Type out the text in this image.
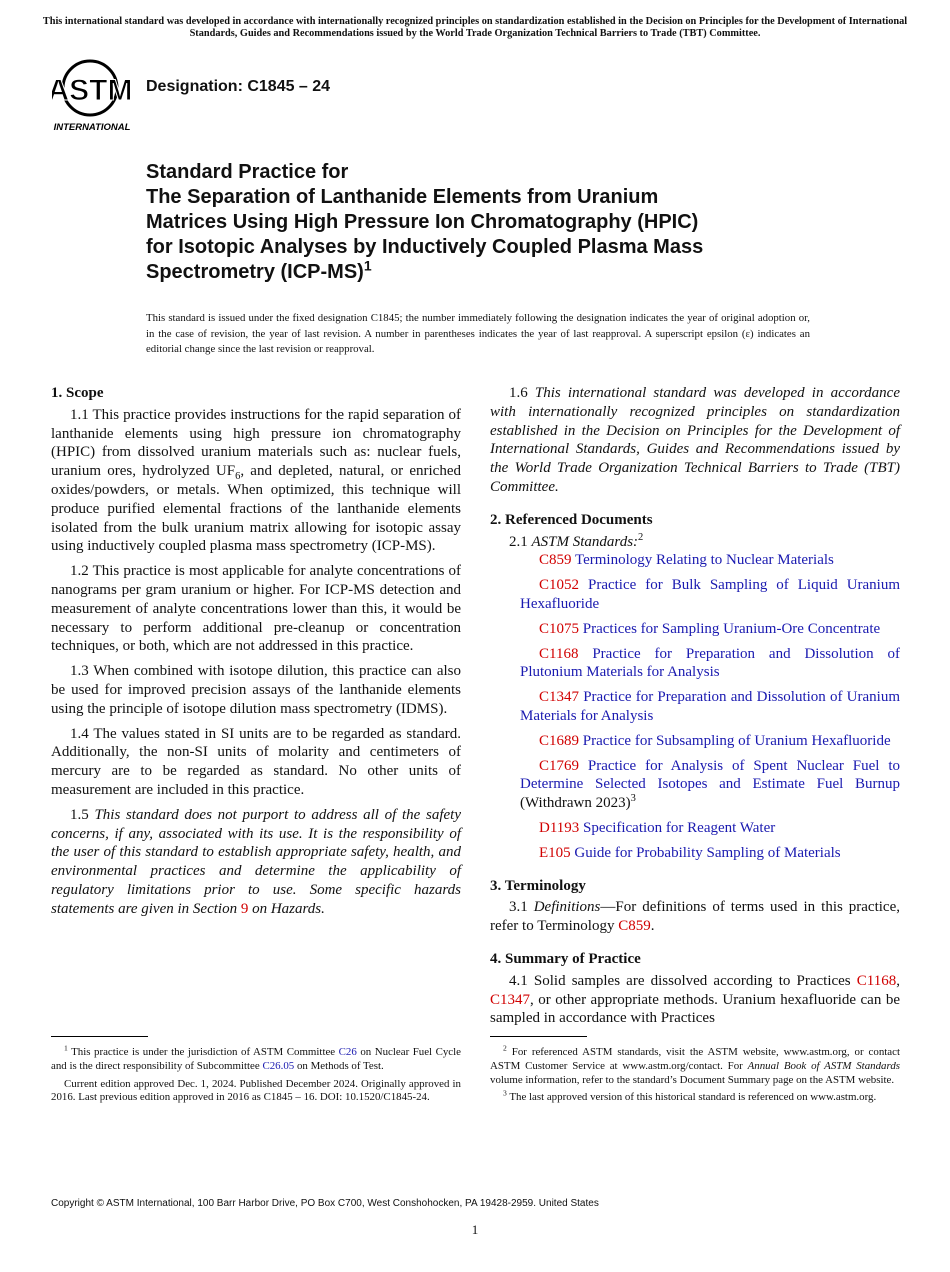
This international standard was developed in accordance with internationally recognized principles on standardization established in the Decision on Principles for the Development of International Standards, Guides and Recommendations issued by the World Trade Organization Technical Barriers to Trade (TBT) Committee.
ASTM
INTERNATIONAL
Designation: C1845 – 24
Standard Practice for
The Separation of Lanthanide Elements from Uranium
Matrices Using High Pressure Ion Chromatography (HPIC)
for Isotopic Analyses by Inductively Coupled Plasma Mass
Spectrometry $(ICP-MS)^1$
This standard is issued under the fixed designation C1845; the number immediately following the designation indicates the year of original adoption or, in the case of revision, the year of last revision. A number in parentheses indicates the year of last reapproval. A superscript epsilon (ε) indicates an editorial change since the last revision or reapproval.
1. Scope

1.1 This practice provides instructions for the rapid separation of lanthanide elements using high pressure ion chromatography (HPIC) from dissolved uranium materials such as: nuclear fuels, uranium ores, hydrolyzed $UF_6$, and depleted, natural, or enriched oxides/powders, or metals. When optimized, this technique will produce purified elemental fractions of the lanthanide elements isolated from the bulk uranium matrix allowing for isotopic assay using inductively coupled plasma mass spectrometry (ICP-MS).

1.2 This practice is most applicable for analyte concentrations of nanograms per gram uranium or higher. For ICP-MS detection and measurement of analyte concentrations lower than this, it would be necessary to perform additional pre-cleanup or concentration techniques, or both, which are not addressed in this practice.

1.3 When combined with isotope dilution, this practice can also be used for improved precision assays of the lanthanide elements using the principle of isotope dilution mass spectrometry (IDMS).

1.4 The values stated in SI units are to be regarded as standard. Additionally, the non-SI units of molarity and centimeters of mercury are to be regarded as standard. No other units of measurement are included in this practice.

1.5 This standard does not purport to address all of the safety concerns, if any, associated with its use. It is the responsibility of the user of this standard to establish appropriate safety, health, and environmental practices and determine the applicability of regulatory limitations prior to use. Some specific hazards statements are given in Section 9 on Hazards.

1.6 This international standard was developed in accordance with internationally recognized principles on standardization established in the Decision on Principles for the Development of International Standards, Guides and Recommendations issued by the World Trade Organization Technical Barriers to Trade (TBT) Committee.

2. Referenced Documents

2.1 ASTM Standards:$^2$

C859 Terminology Relating to Nuclear Materials

C1052 Practice for Bulk Sampling of Liquid Uranium Hexafluoride

C1075 Practices for Sampling Uranium-Ore Concentrate

C1168 Practice for Preparation and Dissolution of Plutonium Materials for Analysis

C1347 Practice for Preparation and Dissolution of Uranium Materials for Analysis

C1689 Practice for Subsampling of Uranium Hexafluoride

C1769 Practice for Analysis of Spent Nuclear Fuel to Determine Selected Isotopes and Estimate Fuel Burnup (Withdrawn 2023)$^3$

D1193 Specification for Reagent Water

E105 Guide for Probability Sampling of Materials

3. Terminology

3.1 Definitions—For definitions of terms used in this practice, refer to Terminology C859.

4. Summary of Practice

4.1 Solid samples are dissolved according to Practices C1168, C1347, or other appropriate methods. Uranium hexafluoride can be sampled in accordance with Practices

$^1$ This practice is under the jurisdiction of ASTM Committee C26 on Nuclear Fuel Cycle and is the direct responsibility of Subcommittee C26.05 on Methods of Test.

Current edition approved Dec. 1, 2024. Published December 2024. Originally approved in 2016. Last previous edition approved in 2016 as C1845 – 16. DOI: 10.1520/C1845-24.

$^2$ For referenced ASTM standards, visit the ASTM website, www.astm.org, or contact ASTM Customer Service at www.astm.org/contact. For Annual Book of ASTM Standards volume information, refer to the standard’s Document Summary page on the ASTM website.

$^3$ The last approved version of this historical standard is referenced on www.astm.org.

Copyright © ASTM International, 100 Barr Harbor Drive, PO Box C700, West Conshohocken, PA 19428-2959. United States
1
